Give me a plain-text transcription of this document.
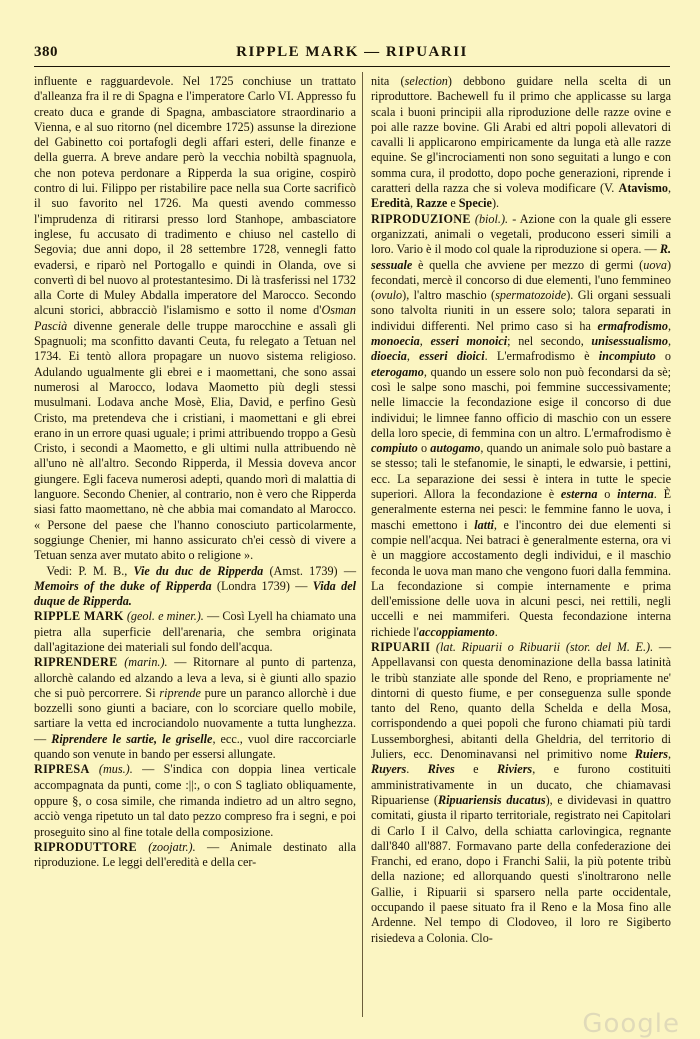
RIPPLE MARK — RIPUARII
380

influente e ragguardevole. Nel 1725 conchiuse un trattato d'alleanza fra il re di Spagna e l'imperatore Carlo VI. Appresso fu creato duca e grande di Spagna, ambasciatore straordinario a Vienna, e al suo ritorno (nel dicembre 1725) assunse la direzione del Gabinetto coi portafogli degli affari esteri, delle finanze e della guerra. A breve andare però la vecchia nobiltà spagnuola, che non poteva perdonare a Ripperda la sua origine, cospirò contro di lui. Filippo per ristabilire pace nella sua Corte sacrificò il suo favorito nel 1726. Ma questi avendo commesso l'imprudenza di ritirarsi presso lord Stanhope, ambasciatore inglese, fu accusato di tradimento e chiuso nel castello di Segovia; due anni dopo, il 28 settembre 1728, vennegli fatto evadersi, e riparò nel Portogallo e quindi in Olanda, ove si convertì di bel nuovo al protestantesimo. Di là trasferissi nel 1732 alla Corte di Muley Abdalla imperatore del Marocco. Secondo alcuni storici, abbracciò l'islamismo e sotto il nome d'Osman Pascià divenne generale delle truppe marocchine e assalì gli Spagnuoli; ma sconfitto davanti Ceuta, fu relegato a Tetuan nel 1734. Ei tentò allora propagare un nuovo sistema religioso. Adulando ugualmente gli ebrei e i maomettani, che sono assai numerosi al Marocco, lodava Maometto più degli stessi musulmani. Lodava anche Mosè, Elia, David, e perfino Gesù Cristo, ma pretendeva che i cristiani, i maomettani e gli ebrei erano in un errore quasi uguale; i primi attribuendo troppo a Gesù Cristo, i secondi a Maometto, e gli ultimi nulla attribuendo nè all'uno nè all'altro. Secondo Ripperda, il Messia doveva ancor giungere. Egli faceva numerosi adepti, quando morì di malattia di languore. Secondo Chenier, al contrario, non è vero che Ripperda siasi fatto maomettano, nè che abbia mai comandato al Marocco. « Persone del paese che l'hanno conosciuto particolarmente, soggiunge Chenier, mi hanno assicurato ch'ei cessò di vivere a Tetuan senza aver mutato abito o religione ».

Vedi: P. M. B., Vie du duc de Ripperda (Amst. 1739) — Memoirs of the duke of Ripperda (Londra 1739) — Vida del duque de Ripperda.

RIPPLE MARK (geol. e miner.). — Così Lyell ha chiamato una pietra alla superficie dell'arenaria, che sembra originata dall'agitazione dei materiali sul fondo dell'acqua.

RIPRENDERE (marin.). — Ritornare al punto di partenza, allorchè calando ed alzando a leva a leva, si è giunti allo spazio che si può percorrere. Si riprende pure un paranco allorchè i due bozzelli sono giunti a baciare, con lo scorciare quello mobile, sartiare la vetta ed incrociandolo nuovamente a tutta lunghezza. — Riprendere le sartie, le griselle, ecc., vuol dire raccorciarle quando son venute in bando per essersi allungate.

RIPRESA (mus.). — S'indica con doppia linea verticale accompagnata da punti, come :||:, o con S tagliato obliquamente, oppure §, o cosa simile, che rimanda indietro ad un altro segno, acciò venga ripetuto un tal dato pezzo compreso fra i segni, e poi proseguito sino al fine totale della composizione.

RIPRODUTTORE (zoojatr.). — Animale destinato alla riproduzione. Le leggi dell'eredità e della cer-

nita (selection) debbono guidare nella scelta di un riproduttore. Bachewell fu il primo che applicasse su larga scala i buoni principii alla riproduzione delle razze ovine e poi alle razze bovine. Gli Arabi ed altri popoli allevatori di cavalli li applicarono empiricamente da lunga età alle razze equine. Se gl'incrociamenti non sono seguitati a lungo e con somma cura, il prodotto, dopo poche generazioni, riprende i caratteri della razza che si voleva modificare (V. Atavismo, Eredità, Razze e Specie).

RIPRODUZIONE (biol.). - Azione con la quale gli essere organizzati, animali o vegetali, producono esseri simili a loro. Vario è il modo col quale la riproduzione si opera. — R. sessuale è quella che avviene per mezzo di germi (uova) fecondati, mercè il concorso di due elementi, l'uno femmineo (ovulo), l'altro maschio (spermatozoide). Gli organi sessuali sono talvolta riuniti in un essere solo; talora separati in individui differenti. Nel primo caso si ha ermafrodismo, monoecia, esseri monoici; nel secondo, unisessualismo, dioecia, esseri dioici. L'ermafrodismo è incompiuto o eterogamo, quando un essere solo non può fecondarsi da sè; così le salpe sono maschi, poi femmine successivamente; nelle limaccie la fecondazione esige il concorso di due individui; le limnee fanno officio di maschio con un essere della loro specie, di femmina con un altro. L'ermafrodismo è compiuto o autogamo, quando un animale solo può bastare a se stesso; tali le stefanomie, le sinapti, le edwarsie, i pettini, ecc. La separazione dei sessi è intera in tutte le specie superiori. Allora la fecondazione è esterna o interna. È generalmente esterna nei pesci: le femmine fanno le uova, i maschi emettono i latti, e l'incontro dei due elementi si compie nell'acqua. Nei batraci è generalmente esterna, ora vi è un maggiore accostamento degli individui, e il maschio feconda le uova man mano che vengono fuori dalla femmina. La fecondazione si compie internamente e prima dell'emissione delle uova in alcuni pesci, nei rettili, negli uccelli e nei mammiferi. Questa fecondazione interna richiede l'accoppiamento.

RIPUARII (lat. Ripuarii o Ribuarii (stor. del M. E.). — Appellavansi con questa denominazione della bassa latinità le tribù stanziate alle sponde del Reno, e propriamente ne' dintorni di questo fiume, e per conseguenza sulle sponde tanto del Reno, quanto della Schelda e della Mosa, corrispondendo a quei popoli che furono chiamati più tardi Lussemborghesi, abitanti della Gheldria, del territorio di Juliers, ecc. Denominavansi nel primitivo nome Ruiers, Ruyers. Rives e Riviers, e furono costituiti amministrativamente in un ducato, che chiamavasi Ripuariense (Ripuariensis ducatus), e dividevasi in quattro comitati, giusta il riparto territoriale, registrato nei Capitolari di Carlo I il Calvo, della schiatta carlovingica, regnante dall'840 all'887. Formavano parte della confederazione dei Franchi, ed erano, dopo i Franchi Salii, la più potente tribù della nazione; ed allorquando questi s'inoltrarono nelle Gallie, i Ripuarii si sparsero nella parte occidentale, occupando il paese situato fra il Reno e la Mosa fino alle Ardenne. Nel tempo di Clodoveo, il loro re Sigiberto risiedeva a Colonia. Clo-

Google
